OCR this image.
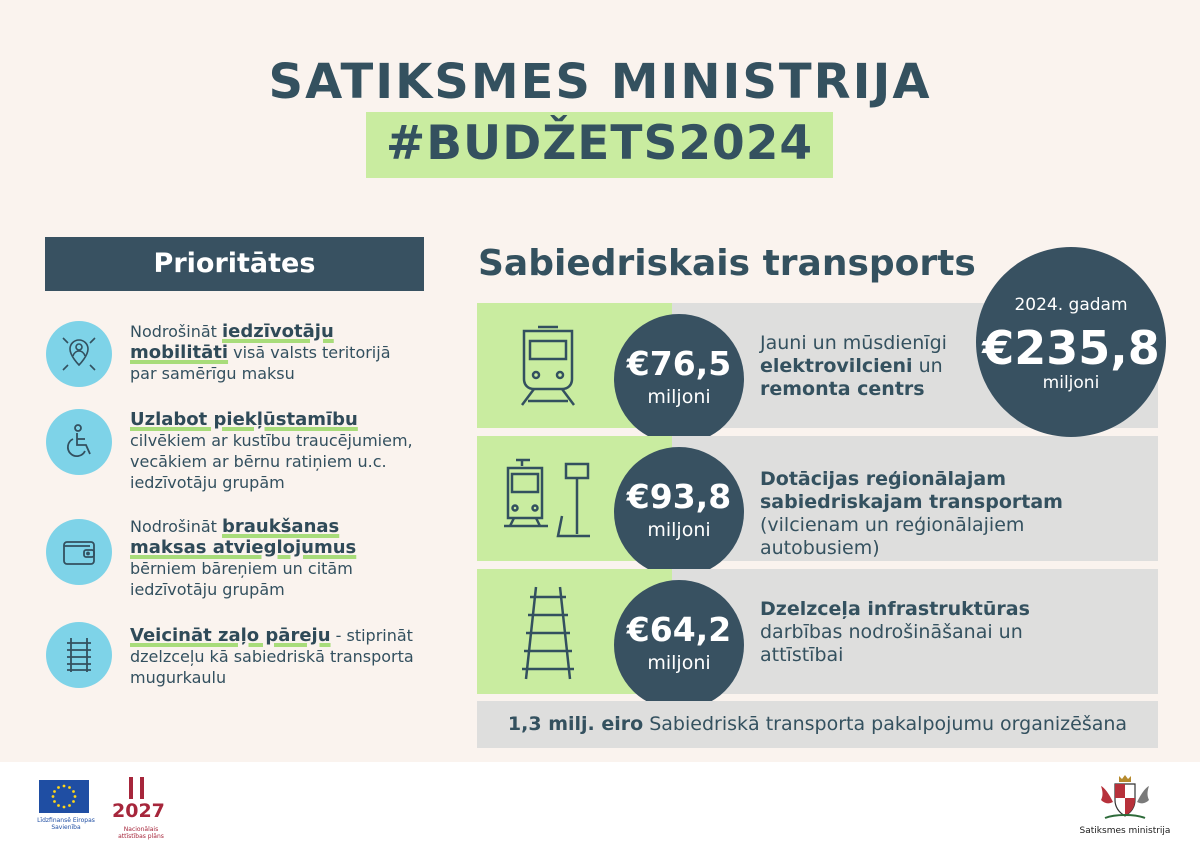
SATIKSMES MINISTRIJA
#BUDŽETS2024
Prioritātes
Nodrošināt iedzīvotāju mobilitāti visā valsts teritorijā par samērīgu maksu
Uzlabot piekļūstamību cilvēkiem ar kustību traucējumiem, vecākiem ar bērnu ratiņiem u.c. iedzīvotāju grupām
Nodrošināt braukšanas maksas atvieglojumus bērniem bāreņiem un citām iedzīvotāju grupām
Veicināt zaļo pāreju - stiprināt dzelzceļu kā sabiedriskā transporta mugurkaulu
Sabiedriskais transports
€76,5
miljoni
Jauni un mūsdienīgi elektrovilcieni un remonta centrs
€93,8
miljoni
Dotācijas reģionālajam sabiedriskajam transportam (vilcienam un reģionālajiem autobusiem)
€64,2
miljoni
Dzelzceļa infrastruktūras darbības nodrošināšanai un attīstībai
2024. gadam
€235,8
miljoni
1,3 milj. eiro Sabiedriskā transporta pakalpojumu organizēšana
Līdzfinansē Eiropas Savienība
2027
Nacionālais attīstības plāns
Satiksmes ministrija
